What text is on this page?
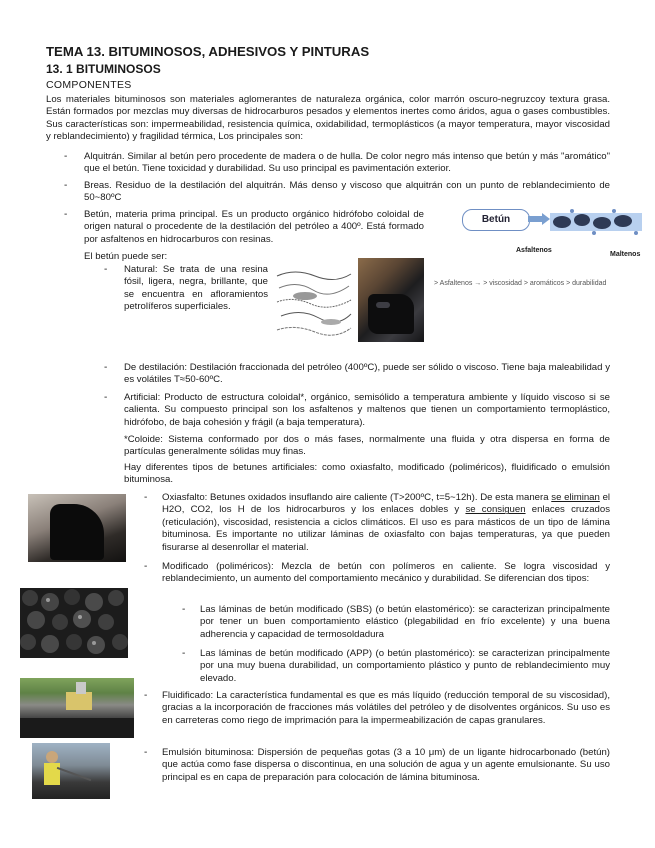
TEMA 13. BITUMINOSOS, ADHESIVOS Y PINTURAS
13. 1 BITUMINOSOS
COMPONENTES

Los materiales bituminosos son materiales aglomerantes de naturaleza orgánica, color marrón oscuro-negruzcoy textura grasa. Están formados por mezclas muy diversas de hidrocarburos pesados y elementos inertes como áridos, agua o gases combustibles. Sus características son: impermeabilidad, resistencia química, oxidabilidad, termoplásticos (a mayor temperatura, mayor viscosidad y reblandecimiento) y fragilidad térmica, Los principales son:

- Alquitrán. Similar al betún pero procedente de madera o de hulla. De color negro más intenso que betún y más "aromático" que el betún. Tiene toxicidad y durabilidad. Su uso principal es pavimentación exterior.

- Breas. Residuo de la destilación del alquitrán. Más denso y viscoso que alquitrán con un punto de reblandecimiento de 50~80ºC

- Betún, materia prima principal. Es un producto orgánico hidrófobo coloidal de origen natural o procedente de la destilación del petróleo a 400º. Está formado por asfaltenos en hidrocarburos con resinas.

El betún puede ser:

Betún
Asfaltenos
Maltenos
> Asfaltenos → > viscosidad > aromáticos > durabilidad
- Natural: Se trata de una resina fósil, ligera, negra, brillante, que se encuentra en afloramientos petrolíferos superficiales.

- De destilación: Destilación fraccionada del petróleo (400ºC), puede ser sólido o viscoso. Tiene baja maleabilidad y es volátiles T≈50-60ºC.

- Artificial: Producto de estructura coloidal*, orgánico, semisólido a temperatura ambiente y líquido viscoso si se calienta. Su compuesto principal son los asfaltenos y maltenos que tienen un comportamiento termoplástico, hidrófobo, de baja cohesión y frágil (a baja temperatura).

*Coloide: Sistema conformado por dos o más fases, normalmente una fluida y otra dispersa en forma de partículas generalmente sólidas muy finas.

Hay diferentes tipos de betunes artificiales: como oxiasfalto, modificado (poliméricos), fluidificado o emulsión bituminosa.

- Oxiasfalto: Betunes oxidados insuflando aire caliente (T>200ºC, t=5~12h). De esta manera se eliminan el H2O, CO2, los H de los hidrocarburos y los enlaces dobles y se consiguen enlaces cruzados (reticulación), viscosidad, resistencia a ciclos climáticos. El uso es para másticos de un tipo de lámina bituminosa. Es importante no utilizar láminas de oxiasfalto con bajas temperaturas, ya que pueden fisurarse al desenrollar el material.

- Modificado (poliméricos): Mezcla de betún con polímeros en caliente. Se logra viscosidad y reblandecimiento, un aumento del comportamiento mecánico y durabilidad. Se diferencian dos tipos:

- Las láminas de betún modificado (SBS) (o betún elastomérico): se caracterizan principalmente por tener un buen comportamiento elástico (plegabilidad en frío excelente) y una buena adherencia y capacidad de termosoldadura

- Las láminas de betún modificado (APP) (o betún plastomérico): se caracterizan principalmente por una muy buena durabilidad, un comportamiento plástico y punto de reblandecimiento muy elevado.

- Fluidificado: La característica fundamental es que es más líquido (reducción temporal de su viscosidad), gracias a la incorporación de fracciones más volátiles del petróleo y de disolventes orgánicos. Su uso es en carreteras como riego de imprimación para la impermeabilización de capas granulares.

- Emulsión bituminosa: Dispersión de pequeñas gotas (3 a 10 μm) de un ligante hidrocarbonado (betún) que actúa como fase dispersa o discontinua, en una solución de agua y un agente emulsionante. Su uso principal es en capa de preparación para colocación de lámina bituminosa.
